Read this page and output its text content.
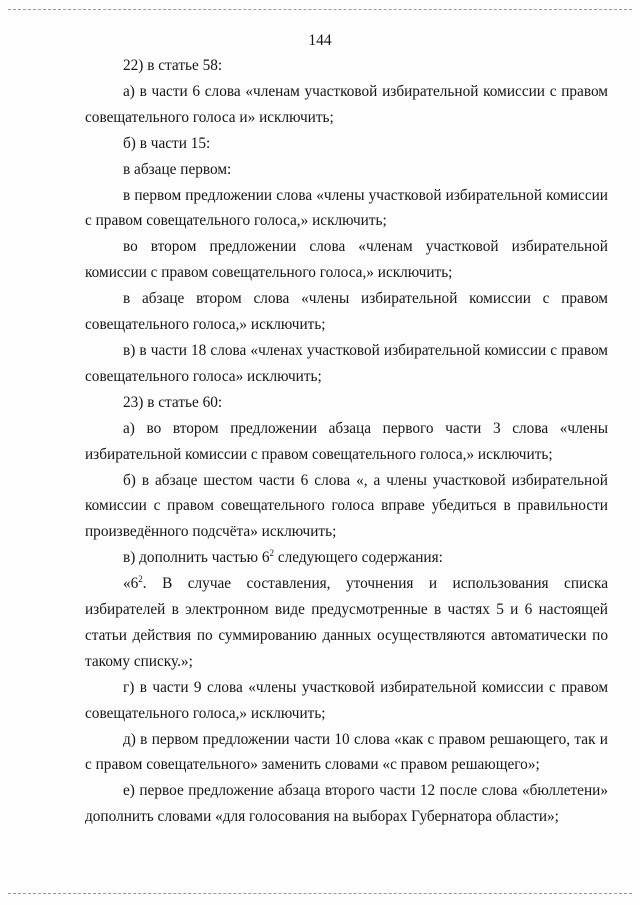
144

22) в статье 58:

а) в части 6 слова «членам участковой избирательной комиссии с правом совещательного голоса и» исключить;

б) в части 15:

в абзаце первом:

в первом предложении слова «члены участковой избирательной комиссии с правом совещательного голоса,» исключить;

во втором предложении слова «членам участковой избирательной комиссии с правом совещательного голоса,» исключить;

в абзаце втором слова «члены избирательной комиссии с правом совещательного голоса,» исключить;

в) в части 18 слова «членах участковой избирательной комиссии с правом совещательного голоса» исключить;

23) в статье 60:

а) во втором предложении абзаца первого части 3 слова «члены избирательной комиссии с правом совещательного голоса,» исключить;

б) в абзаце шестом части 6 слова «, а члены участковой избирательной комиссии с правом совещательного голоса вправе убедиться в правильности произведённого подсчёта» исключить;

в) дополнить частью $6^2$ следующего содержания:

«$6^2$. В случае составления, уточнения и использования списка избирателей в электронном виде предусмотренные в частях 5 и 6 настоящей статьи действия по суммированию данных осуществляются автоматически по такому списку.»;

г) в части 9 слова «члены участковой избирательной комиссии с правом совещательного голоса,» исключить;

д) в первом предложении части 10 слова «как с правом решающего, так и с правом совещательного» заменить словами «с правом решающего»;

е) первое предложение абзаца второго части 12 после слова «бюллетени» дополнить словами «для голосования на выборах Губернатора области»;
